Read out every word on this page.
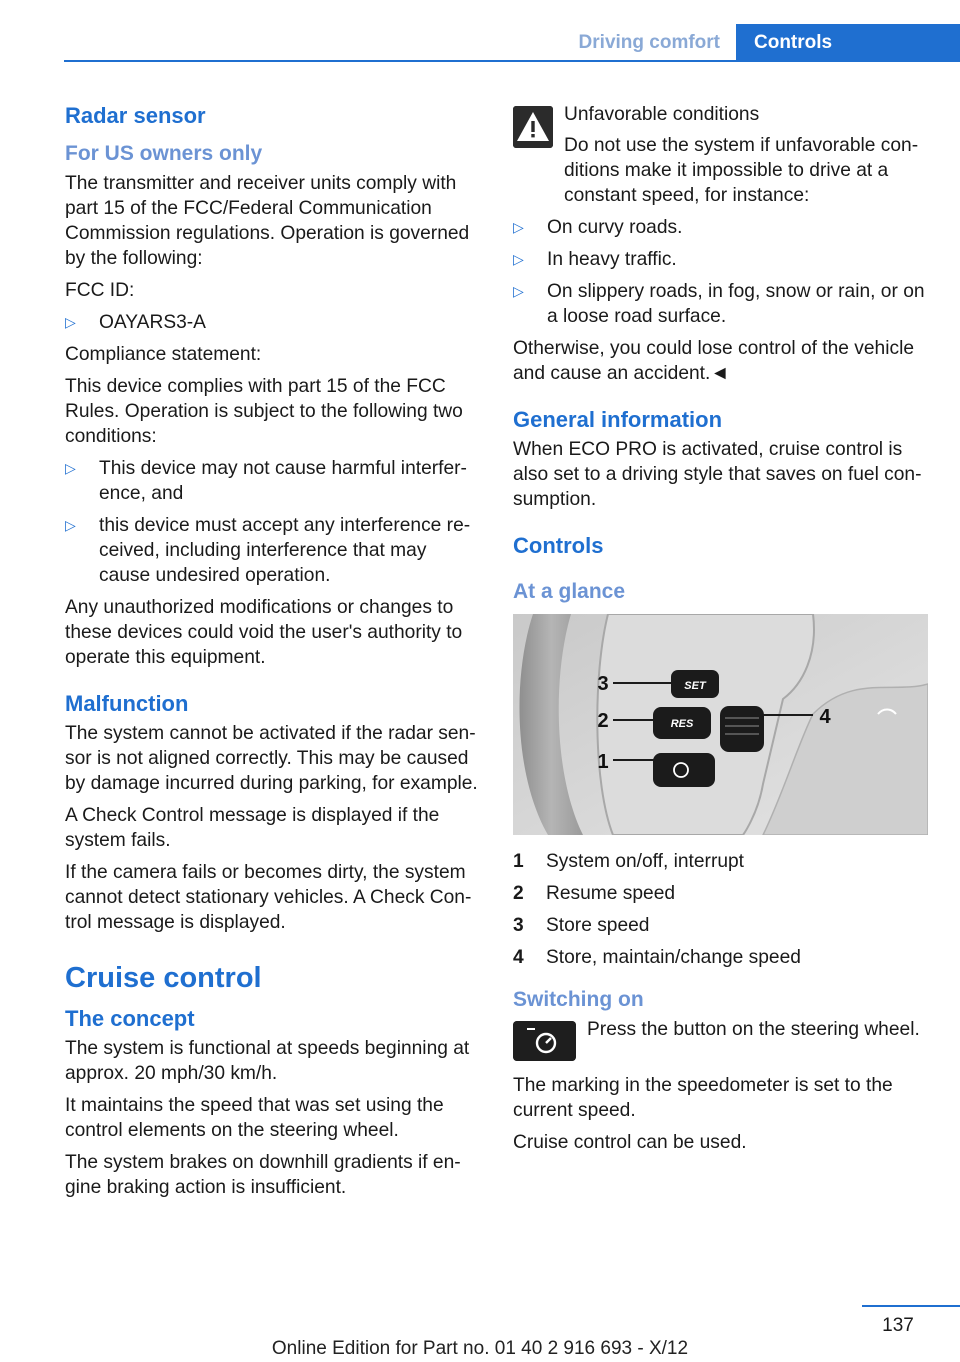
Driving comfort	Controls
Radar sensor
For US owners only

The transmitter and receiver units comply with part 15 of the FCC/Federal Communication Commission regulations. Operation is governed by the following:

FCC ID:

▷ OAYARS3-A

Compliance statement:

This device complies with part 15 of the FCC Rules. Operation is subject to the following two conditions:

▷ This device may not cause harmful interfer‐ence, and
▷ this device must accept any interference re‐ceived, including interference that may cause undesired operation.

Any unauthorized modifications or changes to these devices could void the user's authority to operate this equipment.

Malfunction

The system cannot be activated if the radar sen‐sor is not aligned correctly. This may be caused by damage incurred during parking, for example.

A Check Control message is displayed if the system fails.

If the camera fails or becomes dirty, the system cannot detect stationary vehicles. A Check Con‐trol message is displayed.

Cruise control
The concept

The system is functional at speeds beginning at approx. 20 mph/30 km/h.

It maintains the speed that was set using the control elements on the steering wheel.

The system brakes on downhill gradients if en‐gine braking action is insufficient.

Unfavorable conditions

Do not use the system if unfavorable con‐ditions make it impossible to drive at a constant speed, for instance:

▷ On curvy roads.
▷ In heavy traffic.
▷ On slippery roads, in fog, snow or rain, or on a loose road surface.

Otherwise, you could lose control of the vehicle and cause an accident.◄

General information

When ECO PRO is activated, cruise control is also set to a driving style that saves on fuel con‐sumption.

Controls
At a glance
SET
RES
3
2
1
4
1	System on/off, interrupt
2	Resume speed
3	Store speed
4	Store, maintain/change speed
Switching on

Press the button on the steering wheel.

The marking in the speedometer is set to the current speed.

Cruise control can be used.

137
Online Edition for Part no. 01 40 2 916 693 - X/12
